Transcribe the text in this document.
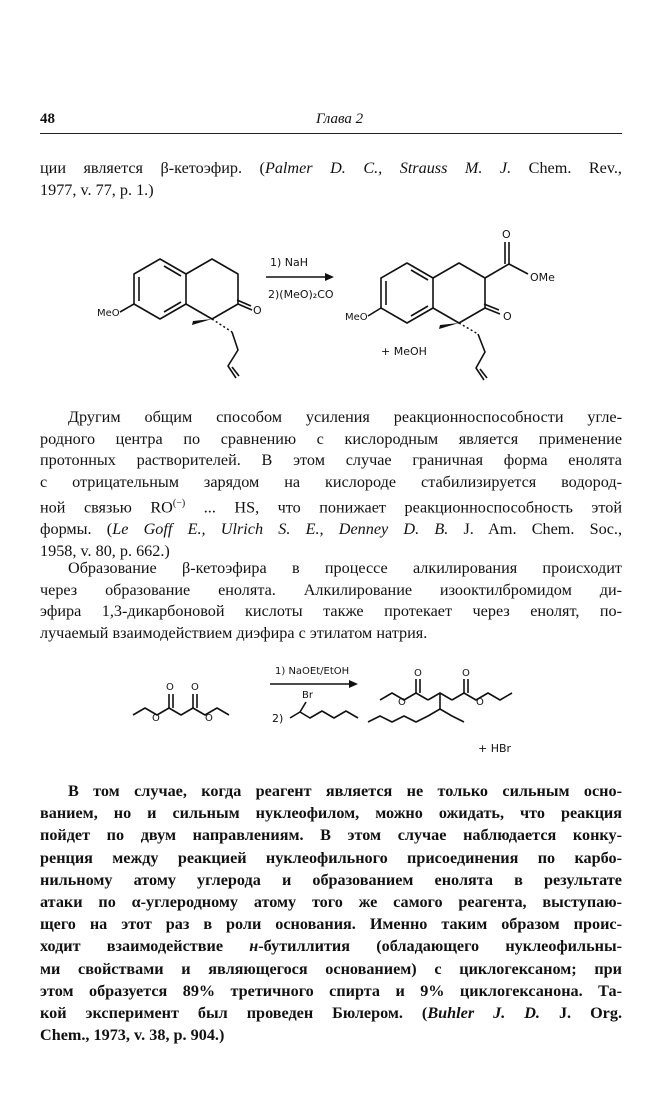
48	Глава 2

ции является β-кетоэфир. (Palmer D. C., Strauss M. J. Chem. Rev.,
1977, v. 77, p. 1.)

O
MeO
1) NaH
2)(MeO)₂CO
O
O
OMe
MeO
+ MeOH

Другим общим способом усиления реакционноспособности угле-
родного центра по сравнению с кислородным является применение
протонных растворителей. В этом случае граничная форма енолята
с отрицательным зарядом на кислороде стабилизируется водород-
ной связью RO(−) ... HS, что понижает реакционноспособность этой
формы. (Le Goff E., Ulrich S. E., Denney D. B. J. Am. Chem. Soc.,
1958, v. 80, p. 662.)

Образование β-кетоэфира в процессе алкилирования происходит
через образование енолята. Алкилирование изооктилбромидом ди-
эфира 1,3-дикарбоновой кислоты также протекает через енолят, по-
лучаемый взаимодействием диэфира с этилатом натрия.

O O
O	O
1) NaOEt/EtOH
2)
Br
O	O
O	O
+ HBr

В том случае, когда реагент является не только сильным осно-
ванием, но и сильным нуклеофилом, можно ожидать, что реакция
пойдет по двум направлениям. В этом случае наблюдается конку-
ренция между реакцией нуклеофильного присоединения по карбо-
нильному атому углерода и образованием енолята в результате
атаки по α-углеродному атому того же самого реагента, выступаю-
щего на этот раз в роли основания. Именно таким образом проис-
ходит взаимодействие н-бутиллития (обладающего нуклеофильны-
ми свойствами и являющегося основанием) с циклогексаном; при
этом образуется 89% третичного спирта и 9% циклогексанона. Та-
кой эксперимент был проведен Бюлером. (Buhler J. D. J. Org.
Chem., 1973, v. 38, p. 904.)
